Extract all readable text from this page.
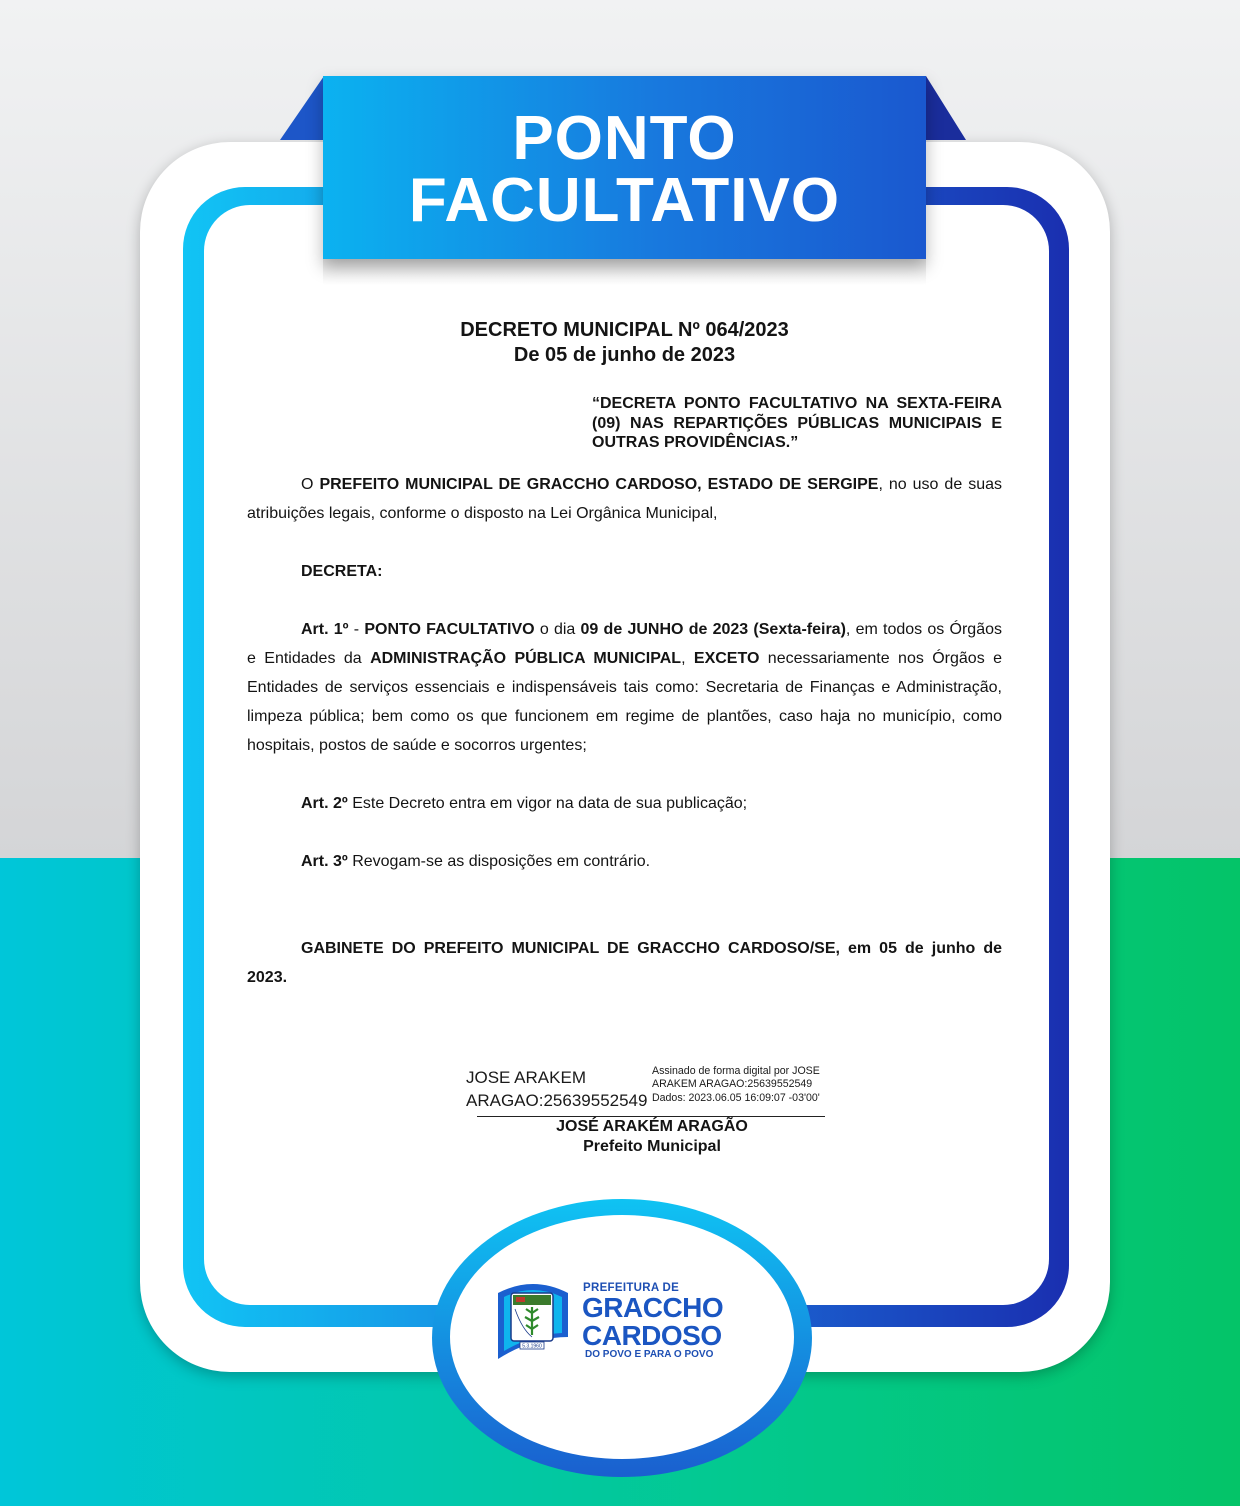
PONTO
FACULTATIVO
DECRETO MUNICIPAL Nº 064/2023
De 05 de junho de 2023
“DECRETA PONTO FACULTATIVO NA SEXTA-FEIRA (09) NAS REPARTIÇÕES PÚBLICAS MUNICIPAIS E OUTRAS PROVIDÊNCIAS.”

O PREFEITO MUNICIPAL DE GRACCHO CARDOSO, ESTADO DE SERGIPE, no uso de suas atribuições legais, conforme o disposto na Lei Orgânica Municipal,

DECRETA:

Art. 1º - PONTO FACULTATIVO o dia 09 de JUNHO de 2023 (Sexta-feira), em todos os Órgãos e Entidades da ADMINISTRAÇÃO PÚBLICA MUNICIPAL, EXCETO necessariamente nos Órgãos e Entidades de serviços essenciais e indispensáveis tais como: Secretaria de Finanças e Administração, limpeza pública; bem como os que funcionem em regime de plantões, caso haja no município, como hospitais, postos de saúde e socorros urgentes;

Art. 2º Este Decreto entra em vigor na data de sua publicação;

Art. 3º Revogam-se as disposições em contrário.

GABINETE DO PREFEITO MUNICIPAL DE GRACCHO CARDOSO/SE, em 05 de junho de 2023.

JOSE ARAKEM
ARAGAO:25639552549
Assinado de forma digital por JOSE
ARAKEM ARAGAO:25639552549
Dados: 2023.06.05 16:09:07 -03'00'
JOSÉ ARAKÉM ARAGÃO
Prefeito Municipal
5.3.1960
PREFEITURA DE
GRACCHO
CARDOSO
DO POVO E PARA O POVO
